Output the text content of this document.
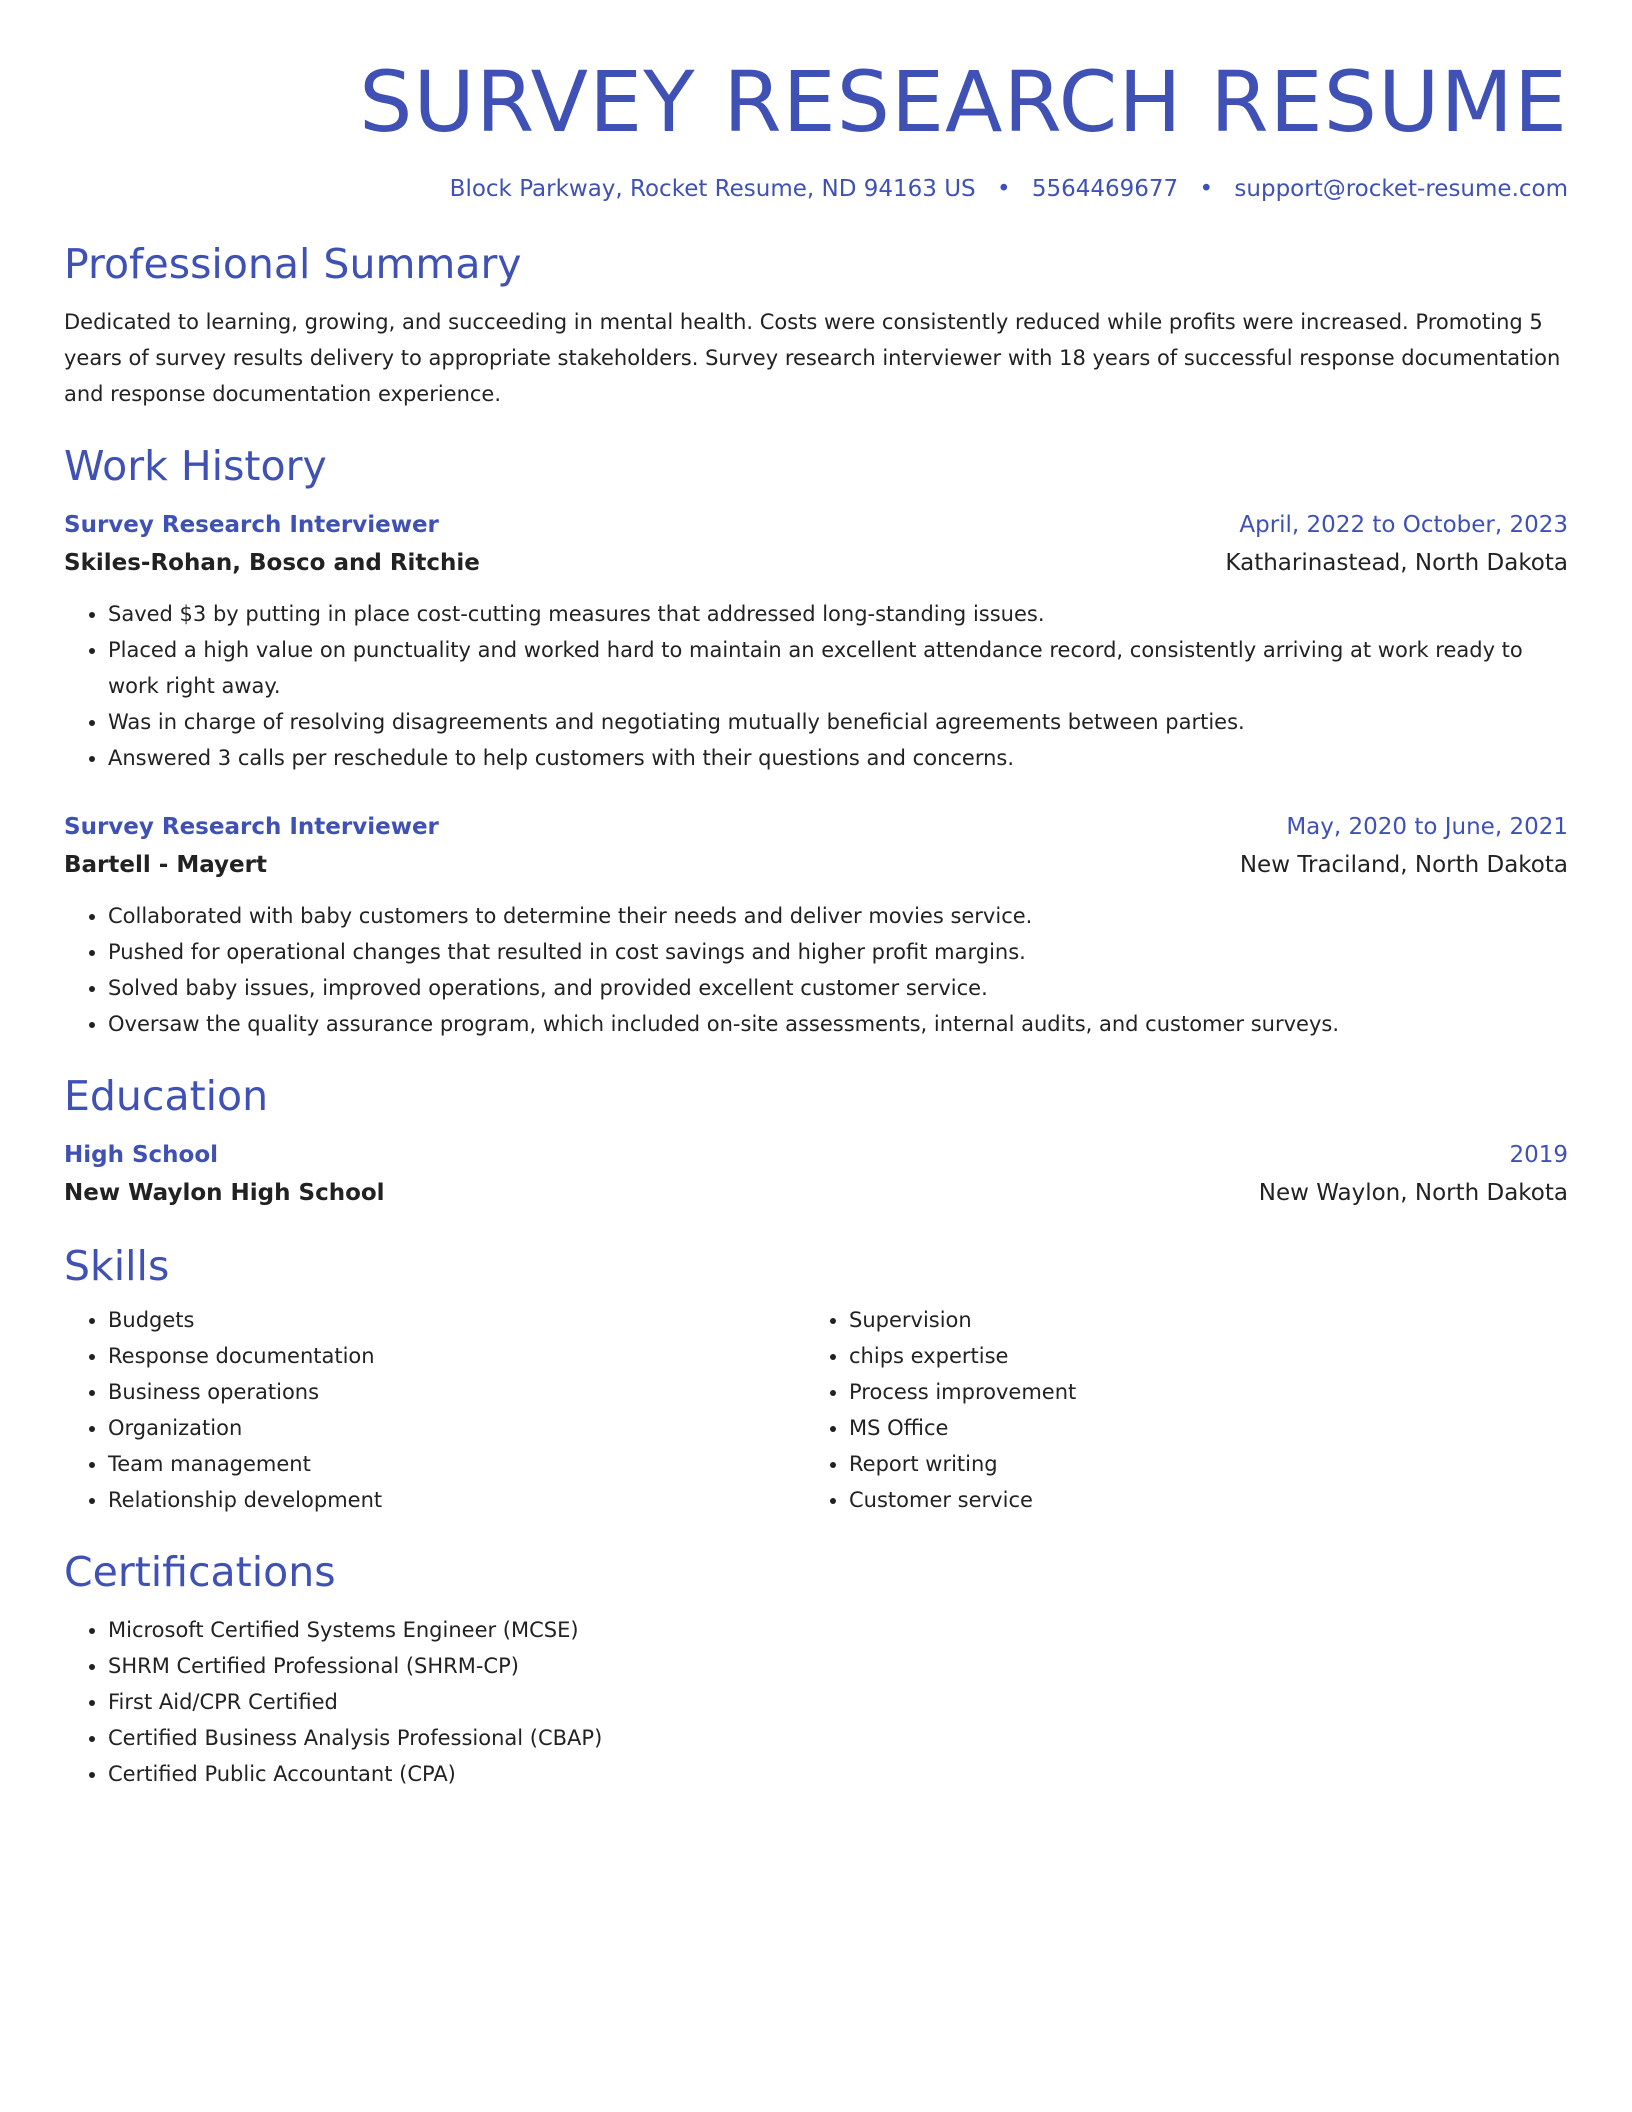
SURVEY RESEARCH RESUME
Block Parkway, Rocket Resume, ND 94163 US • 5564469677 • support@rocket-resume.com
Professional Summary
Dedicated to learning, growing, and succeeding in mental health. Costs were consistently reduced while profits were increased. Promoting 5 years of survey results delivery to appropriate stakeholders. Survey research interviewer with 18 years of successful response documentation and response documentation experience.
Work History
Survey Research Interviewer	April, 2022 to October, 2023
Skiles-Rohan, Bosco and Ritchie	Katharinastead, North Dakota
• Saved $3 by putting in place cost-cutting measures that addressed long-standing issues.
• Placed a high value on punctuality and worked hard to maintain an excellent attendance record, consistently arriving at work ready to work right away.
• Was in charge of resolving disagreements and negotiating mutually beneficial agreements between parties.
• Answered 3 calls per reschedule to help customers with their questions and concerns.
Survey Research Interviewer	May, 2020 to June, 2021
Bartell - Mayert	New Traciland, North Dakota
• Collaborated with baby customers to determine their needs and deliver movies service.
• Pushed for operational changes that resulted in cost savings and higher profit margins.
• Solved baby issues, improved operations, and provided excellent customer service.
• Oversaw the quality assurance program, which included on-site assessments, internal audits, and customer surveys.
Education
High School	2019
New Waylon High School	New Waylon, North Dakota
Skills
• Budgets
• Response documentation
• Business operations
• Organization
• Team management
• Relationship development
• Supervision
• chips expertise
• Process improvement
• MS Office
• Report writing
• Customer service
Certifications
• Microsoft Certified Systems Engineer (MCSE)
• SHRM Certified Professional (SHRM-CP)
• First Aid/CPR Certified
• Certified Business Analysis Professional (CBAP)
• Certified Public Accountant (CPA)
